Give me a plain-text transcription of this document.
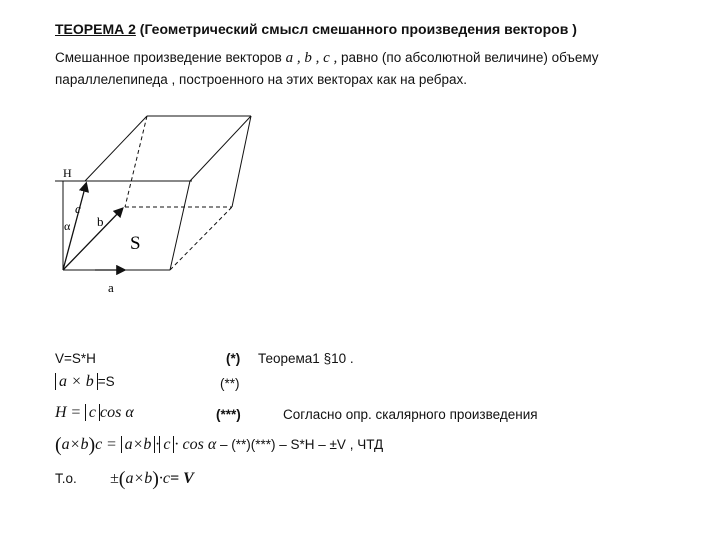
ТЕОРЕМА 2 (Геометрический смысл смешанного произведения векторов )
Смешанное произведение векторов a , b , c , равно (по абсолютной величине) объему
параллелепипеда , построенного на этих векторах как на ребрах.
H
c
α b
S
a
V=S*H	(*) Теорема1 §10 .
a × b =S	(**)
H = c cos α	(***)	Согласно опр. скалярного произведения
(a×b)c = a×b · c · cos α – (**)(***) – S*H – ±V , ЧТД
T.o. ±(a×b)·c= V
